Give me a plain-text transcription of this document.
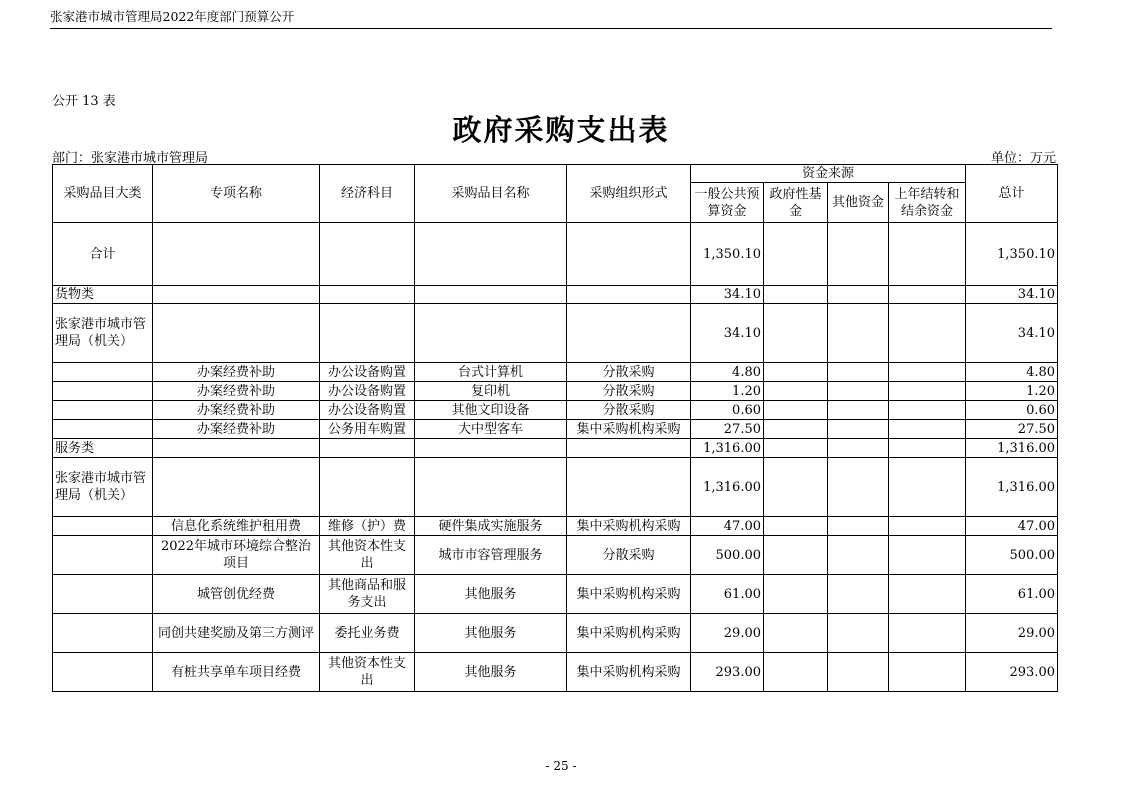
张家港市城市管理局2022年度部门预算公开
公开 13 表
政府采购支出表
部门：张家港市城市管理局	单位：万元
采购品目大类	专项名称	经济科目	采购品目名称	采购组织形式	资金来源				总计
					一般公共预算资金	政府性基金	其他资金	上年结转和结余资金	
合计					1,350.10				1,350.10
货物类					34.10				34.10
张家港市城市管理局（机关）					34.10				34.10
	办案经费补助	办公设备购置	台式计算机	分散采购	4.80				4.80
	办案经费补助	办公设备购置	复印机	分散采购	1.20				1.20
	办案经费补助	办公设备购置	其他文印设备	分散采购	0.60				0.60
	办案经费补助	公务用车购置	大中型客车	集中采购机构采购	27.50				27.50
服务类					1,316.00				1,316.00
张家港市城市管理局（机关）					1,316.00				1,316.00
	信息化系统维护租用费	维修（护）费	硬件集成实施服务	集中采购机构采购	47.00				47.00
	2022年城市环境综合整治项目	其他资本性支出	城市市容管理服务	分散采购	500.00				500.00
	城管创优经费	其他商品和服务支出	其他服务	集中采购机构采购	61.00				61.00
	同创共建奖励及第三方测评	委托业务费	其他服务	集中采购机构采购	29.00				29.00
	有桩共享单车项目经费	其他资本性支出	其他服务	集中采购机构采购	293.00				293.00
- 25 -
